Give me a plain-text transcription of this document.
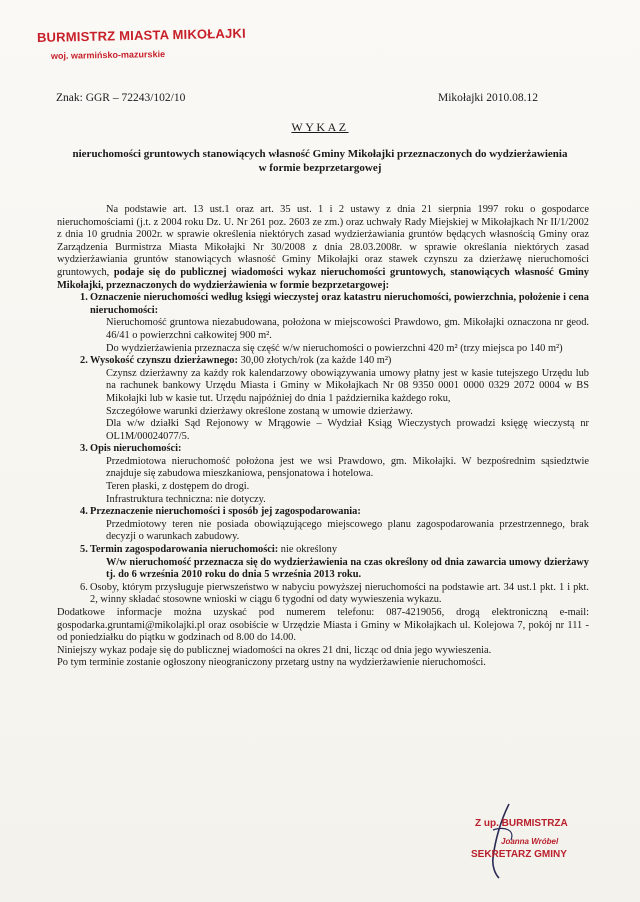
BURMISTRZ MIASTA MIKOŁAJKI
woj. warmińsko-mazurskie
Znak: GGR – 72243/102/10	Mikołajki 2010.08.12
WYKAZ
nieruchomości gruntowych stanowiących własność Gminy Mikołajki przeznaczonych do wydzierżawienia w formie bezprzetargowej

Na podstawie art. 13 ust.1 oraz art. 35 ust. 1 i 2 ustawy z dnia 21 sierpnia 1997 roku o gospodarce nieruchomościami (j.t. z 2004 roku Dz. U. Nr 261 poz. 2603 ze zm.) oraz uchwały Rady Miejskiej w Mikołajkach Nr II/1/2002 z dnia 10 grudnia 2002r. w sprawie określenia niektórych zasad wydzierżawiania gruntów będących własnością Gminy oraz Zarządzenia Burmistrza Miasta Mikołajki Nr 30/2008 z dnia 28.03.2008r. w sprawie określania niektórych zasad wydzierżawiania gruntów stanowiących własność Gminy Mikołajki oraz stawek czynszu za dzierżawę nieruchomości gruntowych, podaje się do publicznej wiadomości wykaz nieruchomości gruntowych, stanowiących własność Gminy Mikołajki, przeznaczonych do wydzierżawienia w formie bezprzetargowej:

1. Oznaczenie nieruchomości według księgi wieczystej oraz katastru nieruchomości, powierzchnia, położenie i cena nieruchomości:

Nieruchomość gruntowa niezabudowana, położona w miejscowości Prawdowo, gm. Mikołajki oznaczona nr geod. 46/41 o powierzchni całkowitej 900 m².

Do wydzierżawienia przeznacza się część w/w nieruchomości o powierzchni 420 m² (trzy miejsca po 140 m²)

2. Wysokość czynszu dzierżawnego: 30,00 złotych/rok (za każde 140 m²)

Czynsz dzierżawny za każdy rok kalendarzowy obowiązywania umowy płatny jest w kasie tutejszego Urzędu lub na rachunek bankowy Urzędu Miasta i Gminy w Mikołajkach Nr 08 9350 0001 0000 0329 2072 0004 w BS Mikołajki lub w kasie tut. Urzędu najpóźniej do dnia 1 października każdego roku,

Szczegółowe warunki dzierżawy określone zostaną w umowie dzierżawy.

Dla w/w działki Sąd Rejonowy w Mrągowie – Wydział Ksiąg Wieczystych prowadzi księgę wieczystą nr OL1M/00024077/5.

3. Opis nieruchomości:

Przedmiotowa nieruchomość położona jest we wsi Prawdowo, gm. Mikołajki. W bezpośrednim sąsiedztwie znajduje się zabudowa mieszkaniowa, pensjonatowa i hotelowa.

Teren płaski, z dostępem do drogi.

Infrastruktura techniczna: nie dotyczy.

4. Przeznaczenie nieruchomości i sposób jej zagospodarowania:

Przedmiotowy teren nie posiada obowiązującego miejscowego planu zagospodarowania przestrzennego, brak decyzji o warunkach zabudowy.

5. Termin zagospodarowania nieruchomości: nie określony

W/w nieruchomość przeznacza się do wydzierżawienia na czas określony od dnia zawarcia umowy dzierżawy tj. do 6 września 2010 roku do dnia 5 września 2013 roku.

6. Osoby, którym przysługuje pierwszeństwo w nabyciu powyższej nieruchomości na podstawie art. 34 ust.1 pkt. 1 i pkt. 2, winny składać stosowne wnioski w ciągu 6 tygodni od daty wywieszenia wykazu.

Dodatkowe informacje można uzyskać pod numerem telefonu: 087-4219056, drogą elektroniczną e-mail: gospodarka.gruntami@mikolajki.pl oraz osobiście w Urzędzie Miasta i Gminy w Mikołajkach ul. Kolejowa 7, pokój nr 111 - od poniedziałku do piątku w godzinach od 8.00 do 14.00.

Niniejszy wykaz podaje się do publicznej wiadomości na okres 21 dni, licząc od dnia jego wywieszenia.

Po tym terminie zostanie ogłoszony nieograniczony przetarg ustny na wydzierżawienie nieruchomości.

Z up. BURMISTRZA
Joanna Wróbel
SEKRETARZ GMINY
